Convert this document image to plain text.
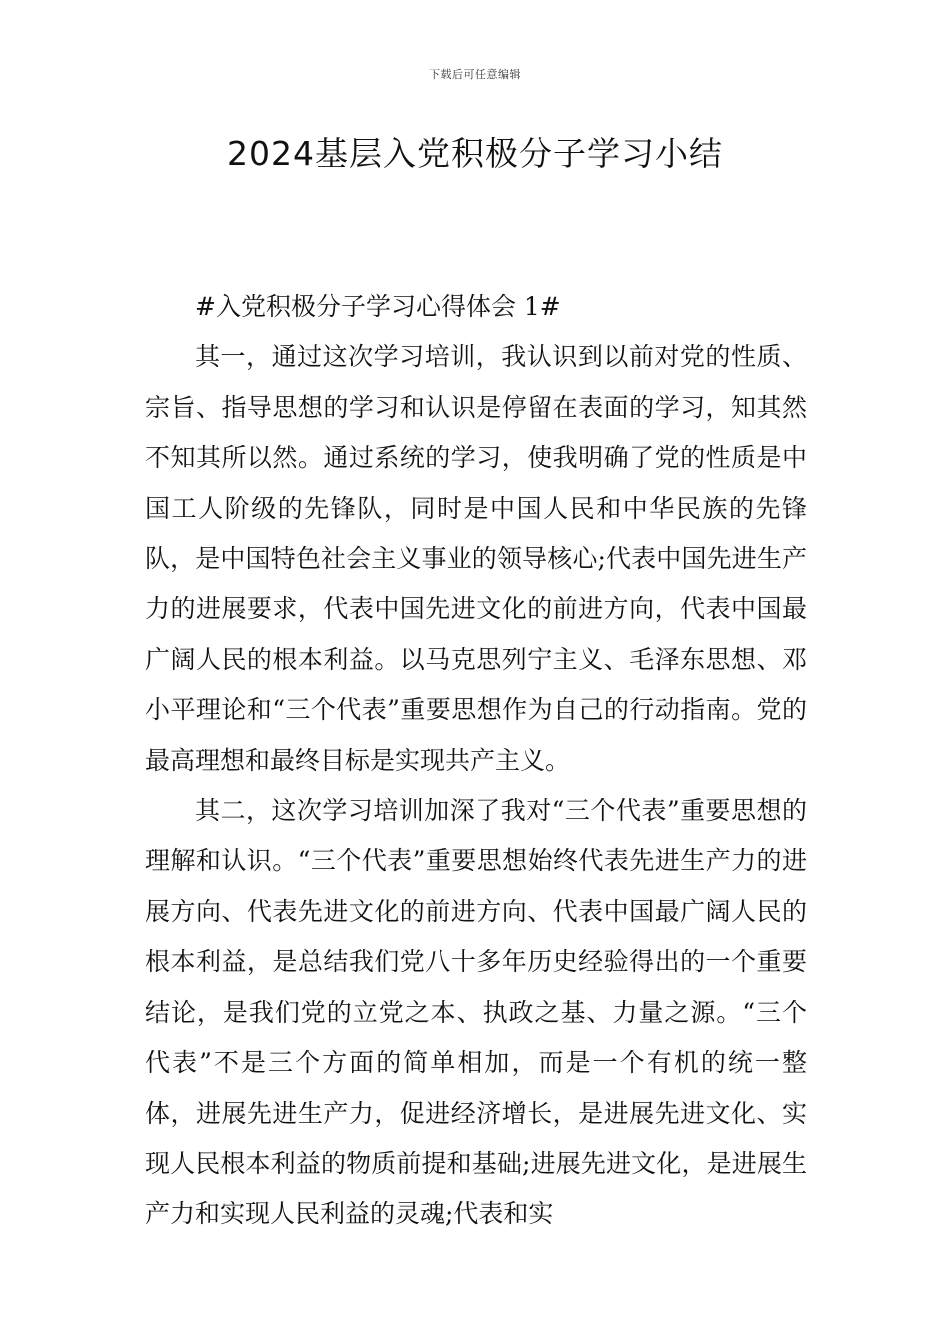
下载后可任意编辑
2024基层入党积极分子学习小结

#入党积极分子学习心得体会 1#

其一，通过这次学习培训，我认识到以前对党的性质、宗旨、指导思想的学习和认识是停留在表面的学习，知其然不知其所以然。通过系统的学习，使我明确了党的性质是中国工人阶级的先锋队，同时是中国人民和中华民族的先锋队，是中国特色社会主义事业的领导核心;代表中国先进生产力的进展要求，代表中国先进文化的前进方向，代表中国最广阔人民的根本利益。以马克思列宁主义、毛泽东思想、邓小平理论和“三个代表”重要思想作为自己的行动指南。党的最高理想和最终目标是实现共产主义。

其二，这次学习培训加深了我对“三个代表”重要思想的理解和认识。“三个代表”重要思想始终代表先进生产力的进展方向、代表先进文化的前进方向、代表中国最广阔人民的根本利益，是总结我们党八十多年历史经验得出的一个重要结论，是我们党的立党之本、执政之基、力量之源。“三个代表”不是三个方面的简单相加，而是一个有机的统一整体，进展先进生产力，促进经济增长，是进展先进文化、实现人民根本利益的物质前提和基础;进展先进文化，是进展生产力和实现人民利益的灵魂;代表和实
